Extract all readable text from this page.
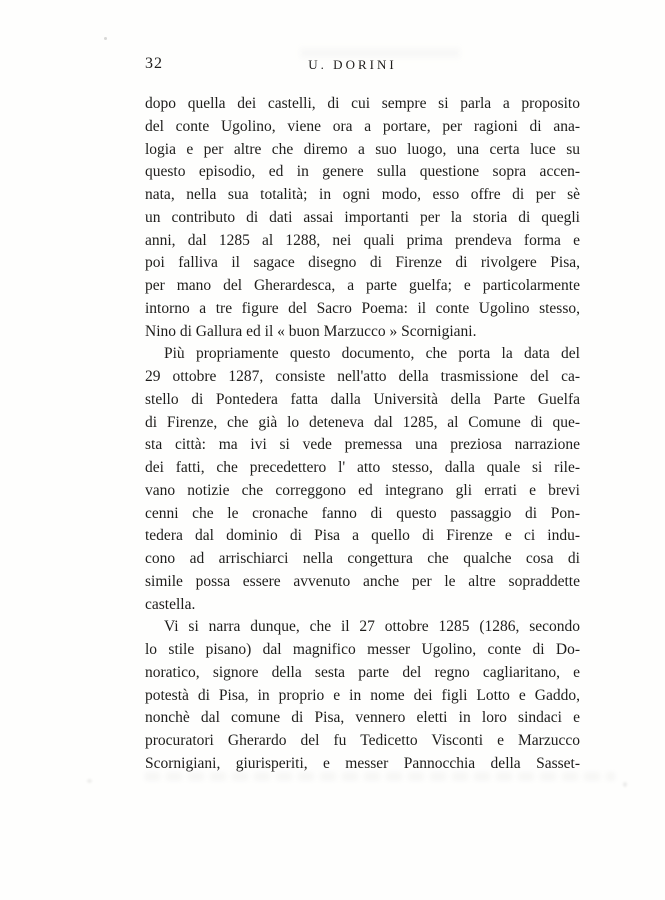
32	U. DORINI
dopo quella dei castelli, di cui sempre si parla a proposito
del conte Ugolino, viene ora a portare, per ragioni di ana-
logia e per altre che diremo a suo luogo, una certa luce su
questo episodio, ed in genere sulla questione sopra accen-
nata, nella sua totalità; in ogni modo, esso offre di per sè
un contributo di dati assai importanti per la storia di quegli
anni, dal 1285 al 1288, nei quali prima prendeva forma e
poi falliva il sagace disegno di Firenze di rivolgere Pisa,
per mano del Gherardesca, a parte guelfa; e particolarmente
intorno a tre figure del Sacro Poema: il conte Ugolino stesso,
Nino di Gallura ed il « buon Marzucco » Scornigiani.
Più propriamente questo documento, che porta la data del
29 ottobre 1287, consiste nell'atto della trasmissione del ca-
stello di Pontedera fatta dalla Università della Parte Guelfa
di Firenze, che già lo deteneva dal 1285, al Comune di que-
sta città: ma ivi si vede premessa una preziosa narrazione
dei fatti, che precedettero l' atto stesso, dalla quale si rile-
vano notizie che correggono ed integrano gli errati e brevi
cenni che le cronache fanno di questo passaggio di Pon-
tedera dal dominio di Pisa a quello di Firenze e ci indu-
cono ad arrischiarci nella congettura che qualche cosa di
simile possa essere avvenuto anche per le altre sopraddette
castella.
Vi si narra dunque, che il 27 ottobre 1285 (1286, secondo
lo stile pisano) dal magnifico messer Ugolino, conte di Do-
noratico, signore della sesta parte del regno cagliaritano, e
potestà di Pisa, in proprio e in nome dei figli Lotto e Gaddo,
nonchè dal comune di Pisa, vennero eletti in loro sindaci e
procuratori Gherardo del fu Tedicetto Visconti e Marzucco
Scornigiani, giurisperiti, e messer Pannocchia della Sasset-
